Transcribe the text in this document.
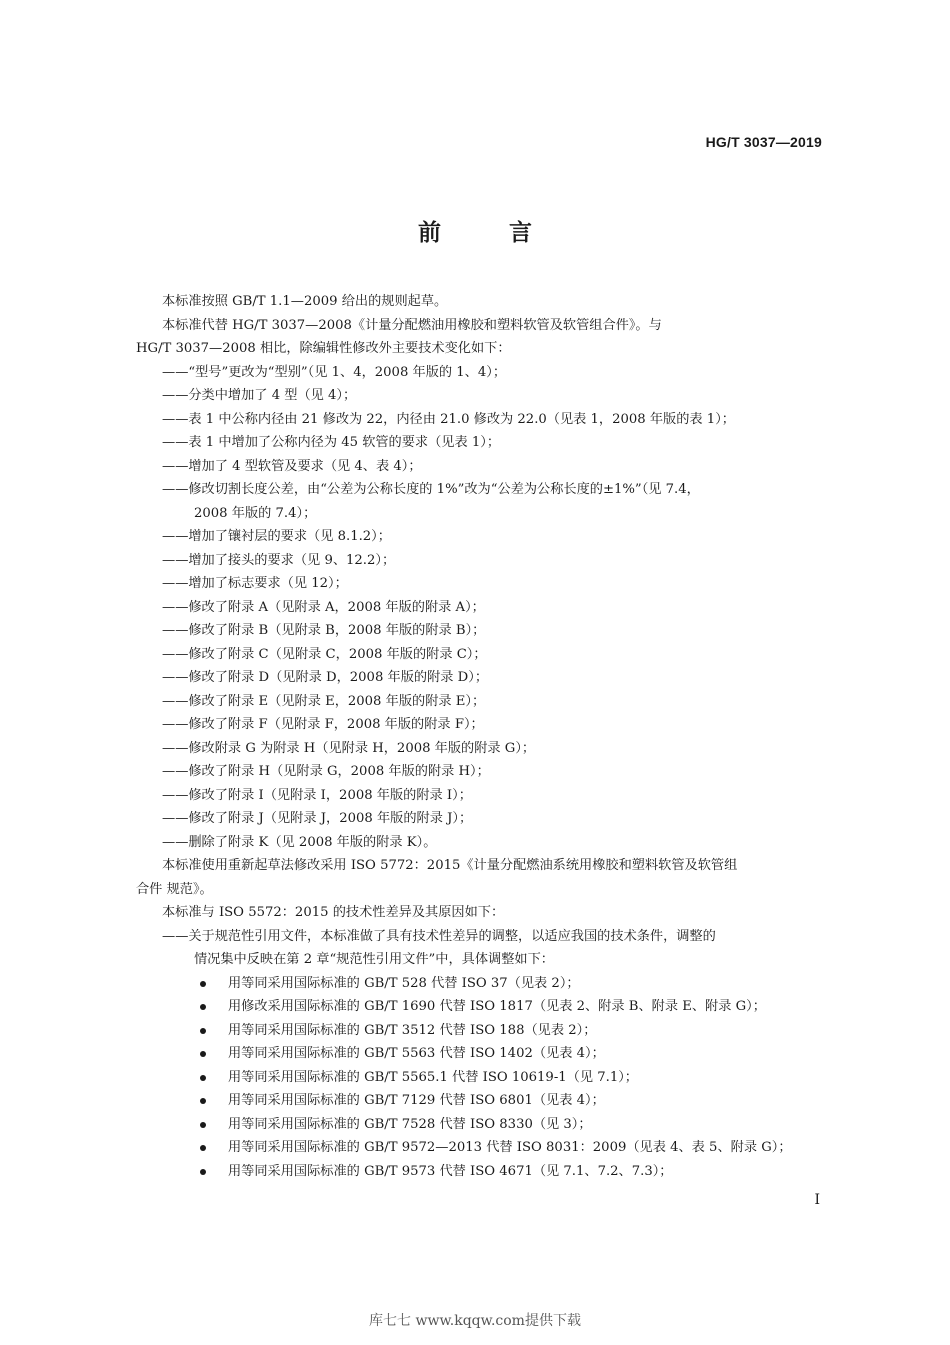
HG/T 3037—2019
前 言
本标准按照 GB/T 1.1—2009 给出的规则起草。
本标准代替 HG/T 3037—2008《计量分配燃油用橡胶和塑料软管及软管组合件》。与
HG/T 3037—2008 相比，除编辑性修改外主要技术变化如下：
——“型号”更改为“型别”（见 1、4，2008 年版的 1、4）；
——分类中增加了 4 型（见 4）；
——表 1 中公称内径由 21 修改为 22，内径由 21.0 修改为 22.0（见表 1，2008 年版的表 1）；
——表 1 中增加了公称内径为 45 软管的要求（见表 1）；
——增加了 4 型软管及要求（见 4、表 4）；
——修改切割长度公差，由“公差为公称长度的 1%”改为“公差为公称长度的±1%”（见 7.4，
2008 年版的 7.4）；
——增加了镶衬层的要求（见 8.1.2）；
——增加了接头的要求（见 9、12.2）；
——增加了标志要求（见 12）；
——修改了附录 A（见附录 A，2008 年版的附录 A）；
——修改了附录 B（见附录 B，2008 年版的附录 B）；
——修改了附录 C（见附录 C，2008 年版的附录 C）；
——修改了附录 D（见附录 D，2008 年版的附录 D）；
——修改了附录 E（见附录 E，2008 年版的附录 E）；
——修改了附录 F（见附录 F，2008 年版的附录 F）；
——修改附录 G 为附录 H（见附录 H，2008 年版的附录 G）；
——修改了附录 H（见附录 G，2008 年版的附录 H）；
——修改了附录 I（见附录 I，2008 年版的附录 I）；
——修改了附录 J（见附录 J，2008 年版的附录 J）；
——删除了附录 K（见 2008 年版的附录 K）。
本标准使用重新起草法修改采用 ISO 5772：2015《计量分配燃油系统用橡胶和塑料软管及软管组
合件 规范》。
本标准与 ISO 5572：2015 的技术性差异及其原因如下：
——关于规范性引用文件，本标准做了具有技术性差异的调整，以适应我国的技术条件，调整的
情况集中反映在第 2 章“规范性引用文件”中，具体调整如下：
用等同采用国际标准的 GB/T 528 代替 ISO 37（见表 2）；
用修改采用国际标准的 GB/T 1690 代替 ISO 1817（见表 2、附录 B、附录 E、附录 G）；
用等同采用国际标准的 GB/T 3512 代替 ISO 188（见表 2）；
用等同采用国际标准的 GB/T 5563 代替 ISO 1402（见表 4）；
用等同采用国际标准的 GB/T 5565.1 代替 ISO 10619-1（见 7.1）；
用等同采用国际标准的 GB/T 7129 代替 ISO 6801（见表 4）；
用等同采用国际标准的 GB/T 7528 代替 ISO 8330（见 3）；
用等同采用国际标准的 GB/T 9572—2013 代替 ISO 8031：2009（见表 4、表 5、附录 G）；
用等同采用国际标准的 GB/T 9573 代替 ISO 4671（见 7.1、7.2、7.3）；
I
库七七 www.kqqw.com提供下载
